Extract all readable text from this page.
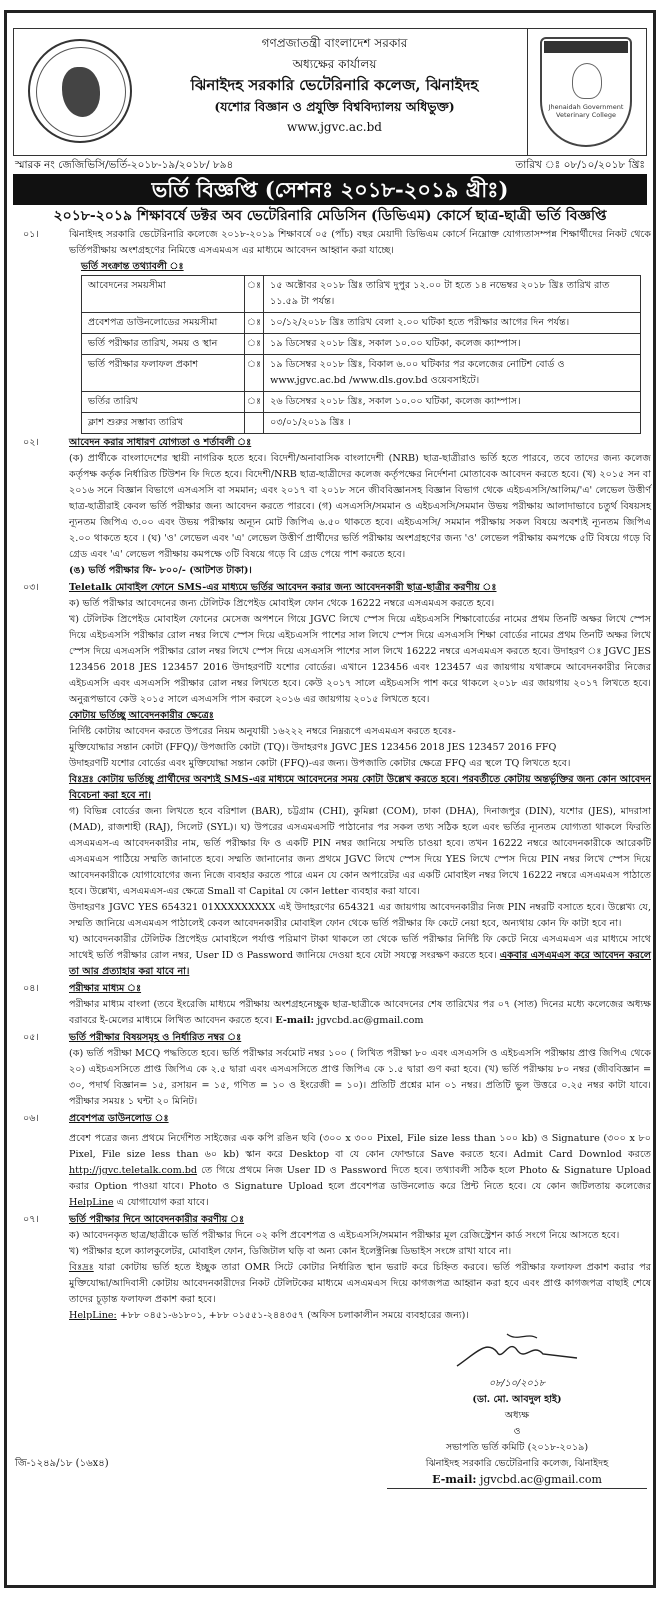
গণপ্রজাতন্ত্রী বাংলাদেশ সরকার
অধ্যক্ষের কার্যালয়
ঝিনাইদহ সরকারি ভেটেরিনারি কলেজ, ঝিনাইদহ
(যশোর বিজ্ঞান ও প্রযুক্তি বিশ্ববিদ্যালয় অধিভুক্ত)
www.jgvc.ac.bd
Jhenaidah Government Veterinary College
স্মারক নং জেজিভিসি/ভর্তি-২০১৮-১৯/২০১৮/ ৮৯৪	তারিখ ঃ ০৮/১০/২০১৮ খ্রিঃ
ভর্তি বিজ্ঞপ্তি (সেশনঃ ২০১৮-২০১৯ খ্রীঃ)
২০১৮-২০১৯ শিক্ষাবর্ষে ডক্টর অব ভেটেরিনারি মেডিসিন (ডিভিএম) কোর্সে ছাত্র-ছাত্রী ভর্তি বিজ্ঞপ্তি
০১।	ঝিনাইদহ সরকারি ভেটেরিনারি কলেজে ২০১৮-২০১৯ শিক্ষাবর্ষে ০৫ (পাঁচ) বছর মেয়াদী ডিভিএম কোর্সে নিম্নোক্ত যোগ্যতাসম্পন্ন শিক্ষার্থীদের নিকট থেকে ভর্তিপরীক্ষায় অংশগ্রহণের নিমিত্তে এসএমএস এর মাধ্যমে আবেদন আহ্বান করা যাচ্ছে।

ভর্তি সংক্রান্ত তথ্যাবলী ঃ

আবেদনের সময়সীমা	ঃ	১৫ অক্টোবর ২০১৮ খ্রিঃ তারিখ দুপুর ১২.০০ টা হতে ১৪ নভেম্বর ২০১৮ খ্রিঃ তারিখ রাত ১১.৫৯ টা পর্যন্ত।
প্রবেশপত্র ডাউনলোডের সময়সীমা	ঃ	১০/১২/২০১৮ খ্রিঃ তারিখ বেলা ২.০০ ঘটিকা হতে পরীক্ষার আগের দিন পর্যন্ত।
ভর্তি পরীক্ষার তারিখ, সময় ও স্থান	ঃ	১৯ ডিসেম্বর ২০১৮ খ্রিঃ, সকাল ১০.০০ ঘটিকা, কলেজ ক্যাম্পাস।
ভর্তি পরীক্ষার ফলাফল প্রকাশ	ঃ	১৯ ডিসেম্বর ২০১৮ খ্রিঃ, বিকাল ৬.০০ ঘটিকার পর কলেজের নোটিশ বোর্ড ও www.jgvc.ac.bd /www.dls.gov.bd ওয়েবসাইটে।
ভর্তির তারিখ	ঃ	২৬ ডিসেম্বর ২০১৮ খ্রিঃ, সকাল ১০.০০ ঘটিকা, কলেজ ক্যাম্পাস।
ক্লাশ শুরুর সম্ভাব্য তারিখ		০৩/০১/২০১৯ খ্রিঃ ।
০২।	আবেদন করার সাধারণ যোগ্যতা ও শর্তাবলী ঃ

(ক) প্রার্থীকে বাংলাদেশের স্থায়ী নাগরিক হতে হবে। বিদেশী/অনাবাসিক বাংলাদেশী (NRB) ছাত্র-ছাত্রীরাও ভর্তি হতে পারবে, তবে তাদের জন্য কলেজ কর্তৃপক্ষ কর্তৃক নির্ধারিত টিউশন ফি দিতে হবে। বিদেশী/NRB ছাত্র-ছাত্রীদের কলেজ কর্তৃপক্ষের নির্দেশনা মোতাবেক আবেদন করতে হবে। (খ) ২০১৫ সন বা ২০১৬ সনে বিজ্ঞান বিভাগে এসএসসি বা সমমান; এবং ২০১৭ বা ২০১৮ সনে জীববিজ্ঞানসহ বিজ্ঞান বিভাগ থেকে এইচএসসি/আলিম/'এ' লেভেল উত্তীর্ণ ছাত্র-ছাত্রীরাই কেবল ভর্তি পরীক্ষার জন্য আবেদন করতে পারবে। (গ) এসএসসি/সমমান ও এইচএসসি/সমমান উভয় পরীক্ষায় আলাদাভাবে চতুর্থ বিষয়সহ ন্যূনতম জিপিএ ৩.০০ এবং উভয় পরীক্ষায় অন্যূন মোট জিপিএ ৬.৫০ থাকতে হবে। এইচএসসি/ সমমান পরীক্ষায় সকল বিষয়ে অবশ্যই ন্যূনতম জিপিএ ২.০০ থাকতে হবে । (ঘ) 'ও' লেভেল এবং 'এ' লেভেল উত্তীর্ণ প্রার্থীদের ভর্তি পরীক্ষায় অংশগ্রহণের জন্য 'ও' লেভেল পরীক্ষায় কমপক্ষে ৫টি বিষয়ে গড়ে বি গ্রেড এবং 'এ' লেভেল পরীক্ষায় কমপক্ষে ৩টি বিষয়ে গড়ে বি গ্রেড পেয়ে পাশ করতে হবে।

(ঙ) ভর্তি পরীক্ষার ফি- ৮০০/- (আটশত টাকা)।

০৩।	Teletalk মোবাইল ফোনে SMS-এর মাধ্যমে ভর্তির আবেদন করার জন্য আবেদনকারী ছাত্র-ছাত্রীর করণীয় ঃ

ক) ভর্তি পরীক্ষার আবেদনের জন্য টেলিটক প্রিপেইড মোবাইল ফোন থেকে 16222 নম্বরে এসএমএস করতে হবে।

খ) টেলিটক প্রিপেইড মোবাইল ফোনের মেসেজ অপশনে গিয়ে JGVC লিখে স্পেস দিয়ে এইচএসসি শিক্ষাবোর্ডের নামের প্রথম তিনটি অক্ষর লিখে স্পেস দিয়ে এইচএসসি পরীক্ষার রোল নম্বর লিখে স্পেস দিয়ে এইচএসসি পাশের সাল লিখে স্পেস দিয়ে এসএসসি শিক্ষা বোর্ডের নামের প্রথম তিনটি অক্ষর লিখে স্পেস দিয়ে এসএসসি পরীক্ষার রোল নম্বর লিখে স্পেস দিয়ে এসএসসি পাশের সাল লিখে 16222 নম্বরে এসএমএস করতে হবে। উদাহরণ ঃ JGVC JES 123456 2018 JES 123457 2016 উদাহরণটি যশোর বোর্ডের। এখানে 123456 এবং 123457 এর জায়গায় যথাক্রমে আবেদনকারীর নিজের এইচএসসি এবং এসএসসি পরীক্ষার রোল নম্বর লিখতে হবে। কেউ ২০১৭ সালে এইচএসসি পাশ করে থাকলে ২০১৮ এর জায়গায় ২০১৭ লিখতে হবে। অনুরূপভাবে কেউ ২০১৫ সালে এসএসসি পাস করলে ২০১৬ এর জায়গায় ২০১৫ লিখতে হবে।

কোটায় ভর্তিচ্ছু আবেদনকারীর ক্ষেত্রেঃ

নির্দিষ্ট কোটায় আবেদন করতে উপরের নিয়ম অনুযায়ী ১৬২২২ নম্বরে নিম্নরূপে এসএমএস করতে হবেঃ-

মুক্তিযোদ্ধার সন্তান কোটা (FFQ)/ উপজাতি কোটা (TQ)। উদাহরণঃ JGVC JES 123456 2018 JES 123457 2016 FFQ

উদাহরণটি যশোর বোর্ডের এবং মুক্তিযোদ্ধা সন্তান কোটা (FFQ)-এর জন্য। উপজাতি কোটার ক্ষেত্রে FFQ এর স্থলে TQ লিখতে হবে।

বিঃদ্রঃ কোটায় ভর্তিচ্ছু প্রার্থীদের অবশ্যই SMS-এর মাধ্যমে আবেদনের সময় কোটা উল্লেখ করতে হবে। পরবর্তীতে কোটায় অন্তর্ভুক্তির জন্য কোন আবেদন বিবেচনা করা হবে না।

গ) বিভিন্ন বোর্ডের জন্য লিখতে হবে বরিশাল (BAR), চট্টগ্রাম (CHI), কুমিল্লা (COM), ঢাকা (DHA), দিনাজপুর (DIN), যশোর (JES), মাদরাসা (MAD), রাজশাহী (RAJ), সিলেট (SYL)। ঘ) উপরের এসএমএসটি পাঠানোর পর সকল তথ্য সঠিক হলে এবং ভর্তির ন্যূনতম যোগ্যতা থাকলে ফিরতি এসএমএস-এ আবেদনকারীর নাম, ভর্তি পরীক্ষার ফি ও একটি PIN নম্বর জানিয়ে সম্মতি চাওয়া হবে। তখন 16222 নম্বরে আবেদনকারীকে আরেকটি এসএমএস পাঠিয়ে সম্মতি জানাতে হবে। সম্মতি জানানোর জন্য প্রথমে JGVC লিখে স্পেস দিয়ে YES লিখে স্পেস দিয়ে PIN নম্বর লিখে স্পেস দিয়ে আবেদনকারীকে যোগাযোগের জন্য নিজে ব্যবহার করতে পারে এমন যে কোন অপারেটর এর একটি মোবাইল নম্বর লিখে 16222 নম্বরে এসএমএস পাঠাতে হবে। উল্লেখ্য, এসএমএস-এর ক্ষেত্রে Small বা Capital যে কোন letter ব্যবহার করা যাবে।

উদাহরণঃ JGVC YES 654321 01XXXXXXXXX এই উদাহরণের 654321 এর জায়গায় আবেদনকারীর নিজ PIN নম্বরটি বসাতে হবে। উল্লেখ্য যে, সম্মতি জানিয়ে এসএমএস পাঠালেই কেবল আবেদনকারীর মোবাইল ফোন থেকে ভর্তি পরীক্ষার ফি কেটে নেয়া হবে, অন্যথায় কোন ফি কাটা হবে না।

ঘ) আবেদনকারীর টেলিটক প্রিপেইড মোবাইলে পর্যাপ্ত পরিমাণ টাকা থাকলে তা থেকে ভর্তি পরীক্ষার নির্দিষ্ট ফি কেটে নিয়ে এসএমএস এর মাধ্যমে সাথে সাথেই ভর্তি পরীক্ষার রোল নম্বর, User ID ও Password জানিয়ে দেওয়া হবে যেটা সযত্নে সংরক্ষণ করতে হবে। একবার এসএমএস করে আবেদন করলে তা আর প্রত্যাহার করা যাবে না।

০৪।	পরীক্ষার মাধ্যম ঃ

পরীক্ষার মাধ্যম বাংলা (তবে ইংরেজি মাধ্যমে পরীক্ষায় অংশগ্রহনেচ্ছুক ছাত্র-ছাত্রীকে আবেদনের শেষ তারিখের পর ০৭ (সাত) দিনের মধ্যে কলেজের অধ্যক্ষ বরাবরে ই-মেলের মাধ্যমে লিখিত আবেদন করতে হবে। E-mail: jgvcbd.ac@gmail.com

০৫।	ভর্তি পরীক্ষার বিষয়সমূহ ও নির্ধারিত নম্বর ঃ

(ক) ভর্তি পরীক্ষা MCQ পদ্ধতিতে হবে। ভর্তি পরীক্ষার সর্বমোট নম্বর ১০০ ( লিখিত পরীক্ষা ৮০ এবং এসএসসি ও এইচএসসি পরীক্ষায় প্রাপ্ত জিপিএ থেকে ২০) এইচএসসিতে প্রাপ্ত জিপিএ কে ২.৫ দ্বারা এবং এসএসসিতে প্রাপ্ত জিপিএ কে ১.৫ দ্বারা গুণ করা হবে। (খ) ভর্তি পরীক্ষায় ৮০ নম্বর (জীববিজ্ঞান = ৩০, পদার্থ বিজ্ঞান= ১৫, রসায়ন = ১৫, গণিত = ১০ ও ইংরেজী = ১০)। প্রতিটি প্রশ্নের মান ০১ নম্বর। প্রতিটি ভুল উত্তরে ০.২৫ নম্বর কাটা যাবে। পরীক্ষার সময়ঃ ১ ঘন্টা ২০ মিনিট।

০৬।	প্রবেশপত্র ডাউনলোড ঃ

প্রবেশ পত্রের জন্য প্রথমে নির্দেশিত সাইজের এক কপি রঙিন ছবি (৩০০ x ৩০০ Pixel, File size less than ১০০ kb) ও Signature (৩০০ x ৮০ Pixel, File size less than ৬০ kb) স্কান করে Desktop বা যে কোন ফোল্ডারে Save করতে হবে। Admit Card Downlod করতে http://jgvc.teletalk.com.bd তে গিয়ে প্রথমে নিজ User ID ও Password দিতে হবে। তথ্যাবলী সঠিক হলে Photo & Signature Upload করার Option পাওয়া যাবে। Photo ও Signature Upload হলে প্রবেশপত্র ডাউনলোড করে প্রিন্ট নিতে হবে। যে কোন জটিলতায় কলেজের HelpLine এ যোগাযোগ করা যাবে।

০৭।	ভর্তি পরীক্ষার দিনে আবেদনকারীর করণীয় ঃ

ক) আবেদনকৃত ছাত্র/ছাত্রীকে ভর্তি পরীক্ষার দিনে ০২ কপি প্রবেশপত্র ও এইচএসসি/সমমান পরীক্ষার মূল রেজিস্ট্রেশন কার্ড সংগে নিয়ে আসতে হবে।

খ) পরীক্ষার হলে ক্যালকুলেটর, মোবাইল ফোন, ডিজিটাল ঘড়ি বা অন্য কোন ইলেক্ট্রনিক্স ডিভাইস সংঙ্গে রাখা যাবে না।

বিঃদ্রঃ যারা কোটায় ভর্তি হতে ইচ্ছুক তারা OMR সিটে কোটার নির্ধারিত স্থান ভরাট করে চিহ্নিত করবে। ভর্তি পরীক্ষার ফলাফল প্রকাশ করার পর মুক্তিযোদ্ধা/আদিবাসী কোটায় আবেদনকারীদের নিকট টেলিটকের মাধ্যমে এসএমএস দিয়ে কাগজপত্র আহ্বান করা হবে এবং প্রাপ্ত কাগজপত্র বাছাই শেষে তাদের চূড়ান্ত ফলাফল প্রকাশ করা হবে।

HelpLine: +৮৮ ০৪৫১-৬১৮০১, +৮৮ ০১৫৫১-২৪৪৩৫৭ (অফিস চলাকালীন সময়ে ব্যবহারের জন্য)।

জি-১২৪৯/১৮ (১৬x৪)
০৮/১০/২০১৮
(ডা. মো. আবদুল হাই)
অধ্যক্ষ
ও
সভাপতি ভর্তি কমিটি (২০১৮-২০১৯)
ঝিনাইদহ সরকারি ভেটেরিনারি কলেজ, ঝিনাইদহ
E-mail: jgvcbd.ac@gmail.com
